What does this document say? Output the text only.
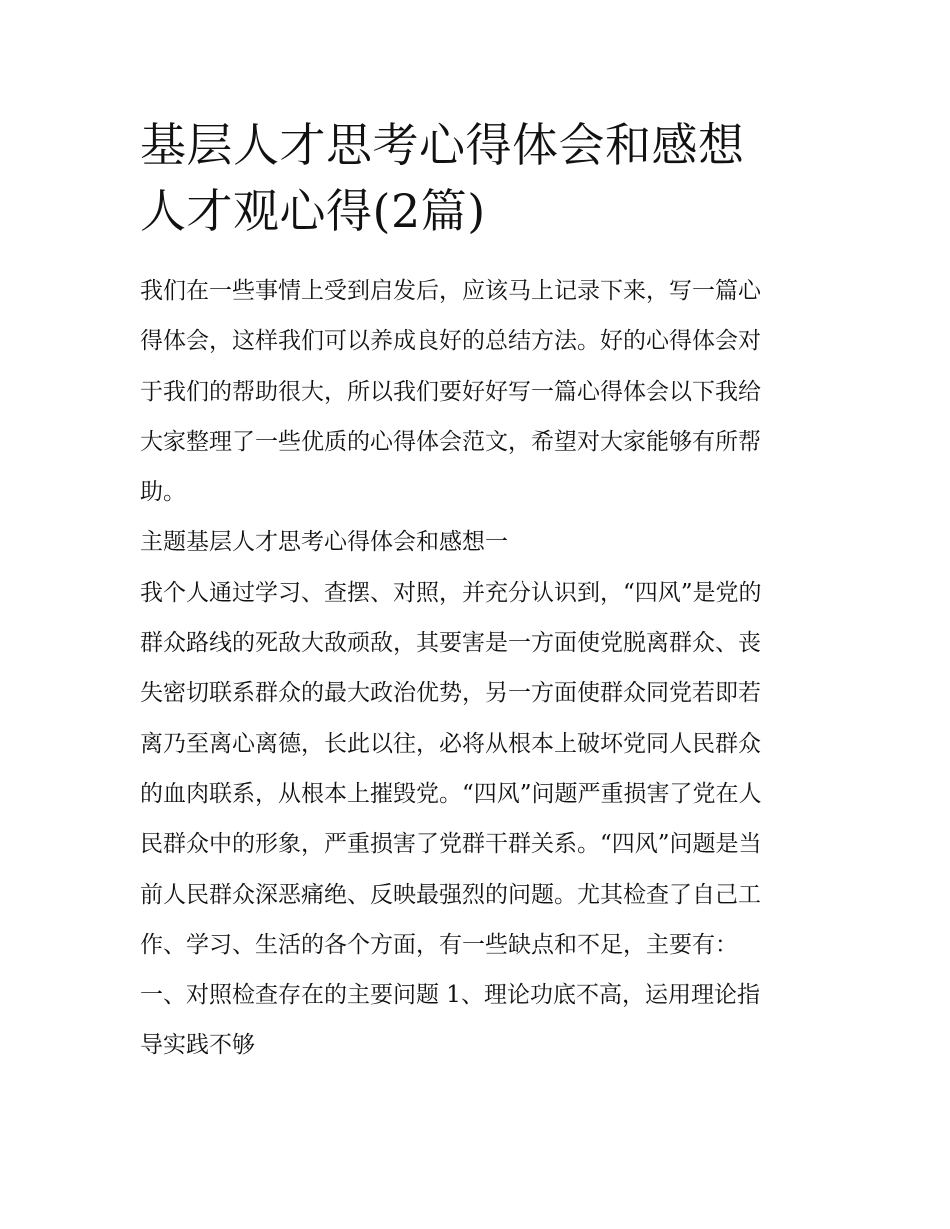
基层人才思考心得体会和感想
人才观心得(2篇)

我们在一些事情上受到启发后，应该马上记录下来，写一篇心

得体会，这样我们可以养成良好的总结方法。好的心得体会对

于我们的帮助很大，所以我们要好好写一篇心得体会以下我给

大家整理了一些优质的心得体会范文，希望对大家能够有所帮

助。

主题基层人才思考心得体会和感想一

我个人通过学习、查摆、对照，并充分认识到，“四风”是党的

群众路线的死敌大敌顽敌，其要害是一方面使党脱离群众、丧

失密切联系群众的最大政治优势，另一方面使群众同党若即若

离乃至离心离德，长此以往，必将从根本上破坏党同人民群众

的血肉联系，从根本上摧毁党。“四风”问题严重损害了党在人

民群众中的形象，严重损害了党群干群关系。“四风”问题是当

前人民群众深恶痛绝、反映最强烈的问题。尤其检查了自己工

作、学习、生活的各个方面，有一些缺点和不足，主要有：

一、对照检查存在的主要问题 1、理论功底不高，运用理论指

导实践不够
